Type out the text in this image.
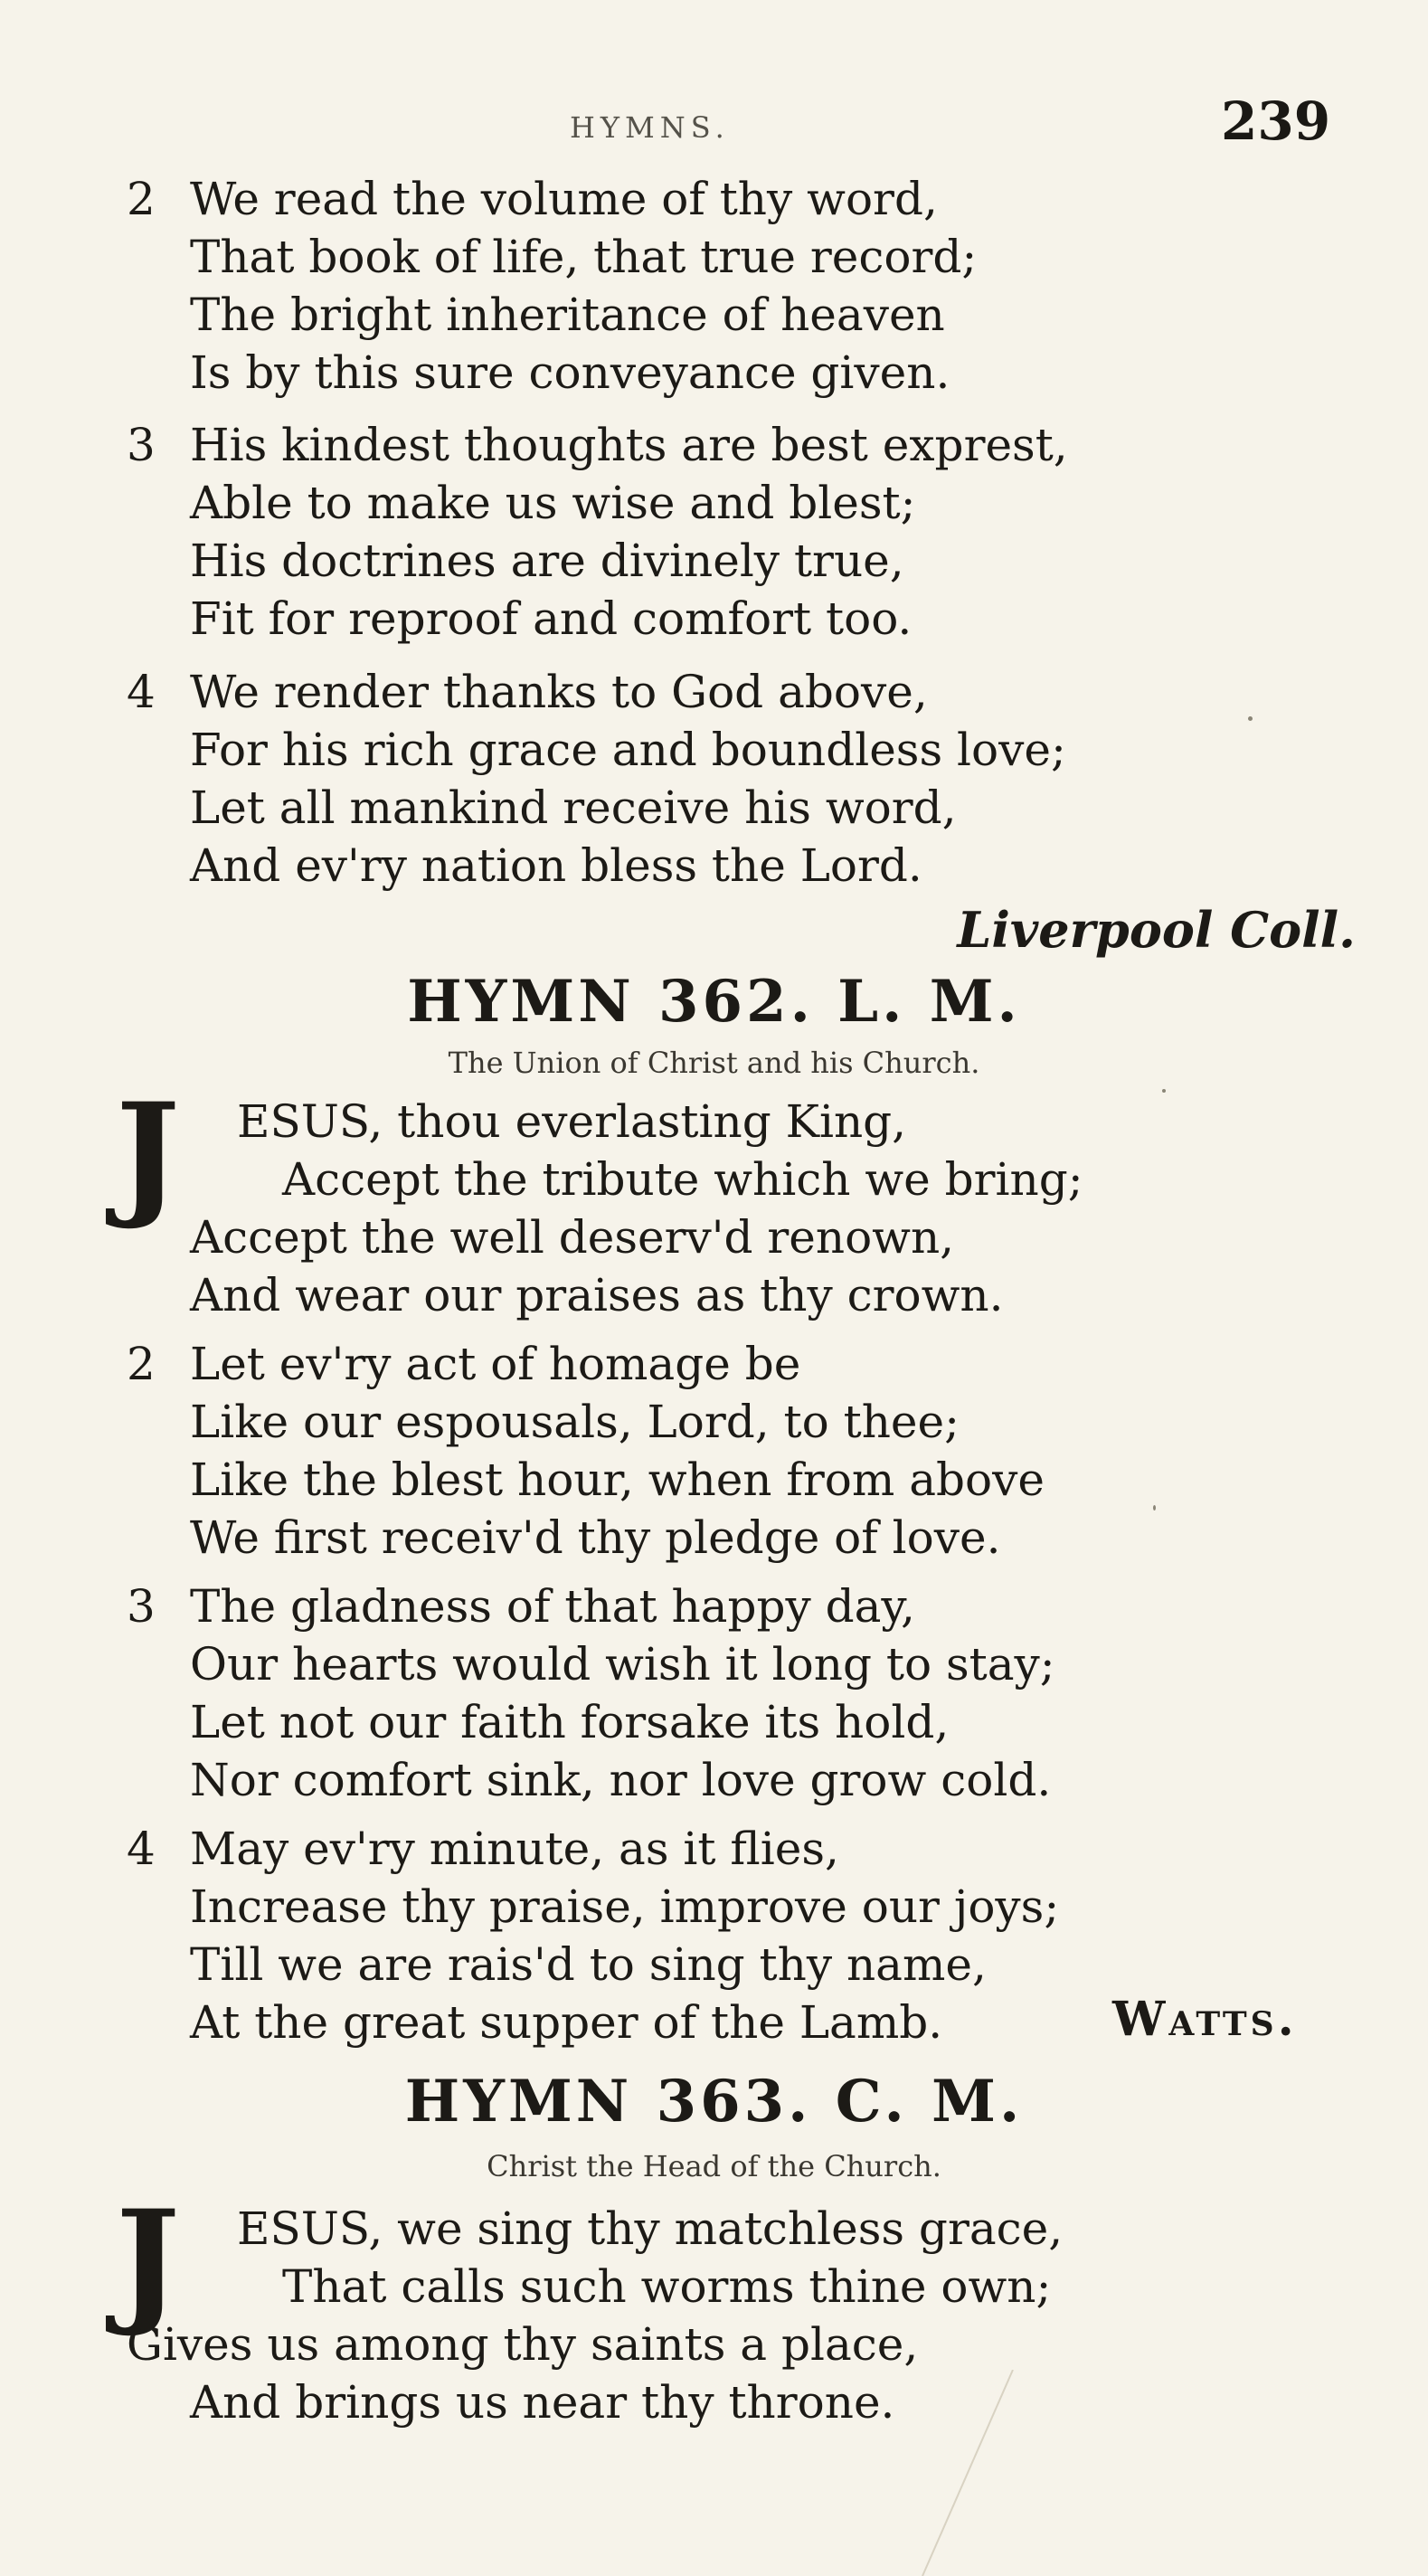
HYMNS.	239
2 We read the volume of thy word,
That book of life, that true record;
The bright inheritance of heaven
Is by this sure conveyance given.
3 His kindest thoughts are best exprest,
Able to make us wise and blest;
His doctrines are divinely true,
Fit for reproof and comfort too.
4 We render thanks to God above,
For his rich grace and boundless love;
Let all mankind receive his word,
And ev'ry nation bless the Lord.
Liverpool Coll.
HYMN 362. L. M.
The Union of Christ and his Church.
J ESUS, thou everlasting King,
Accept the tribute which we bring;
Accept the well deserv'd renown,
And wear our praises as thy crown.
2 Let ev'ry act of homage be
Like our espousals, Lord, to thee;
Like the blest hour, when from above
We first receiv'd thy pledge of love.
3 The gladness of that happy day,
Our hearts would wish it long to stay;
Let not our faith forsake its hold,
Nor comfort sink, nor love grow cold.
4 May ev'ry minute, as it flies,
Increase thy praise, improve our joys;
Till we are rais'd to sing thy name,
At the great supper of the Lamb.	Watts.
HYMN 363. C. M.
Christ the Head of the Church.
J ESUS, we sing thy matchless grace,
That calls such worms thine own;
Gives us among thy saints a place,
And brings us near thy throne.
